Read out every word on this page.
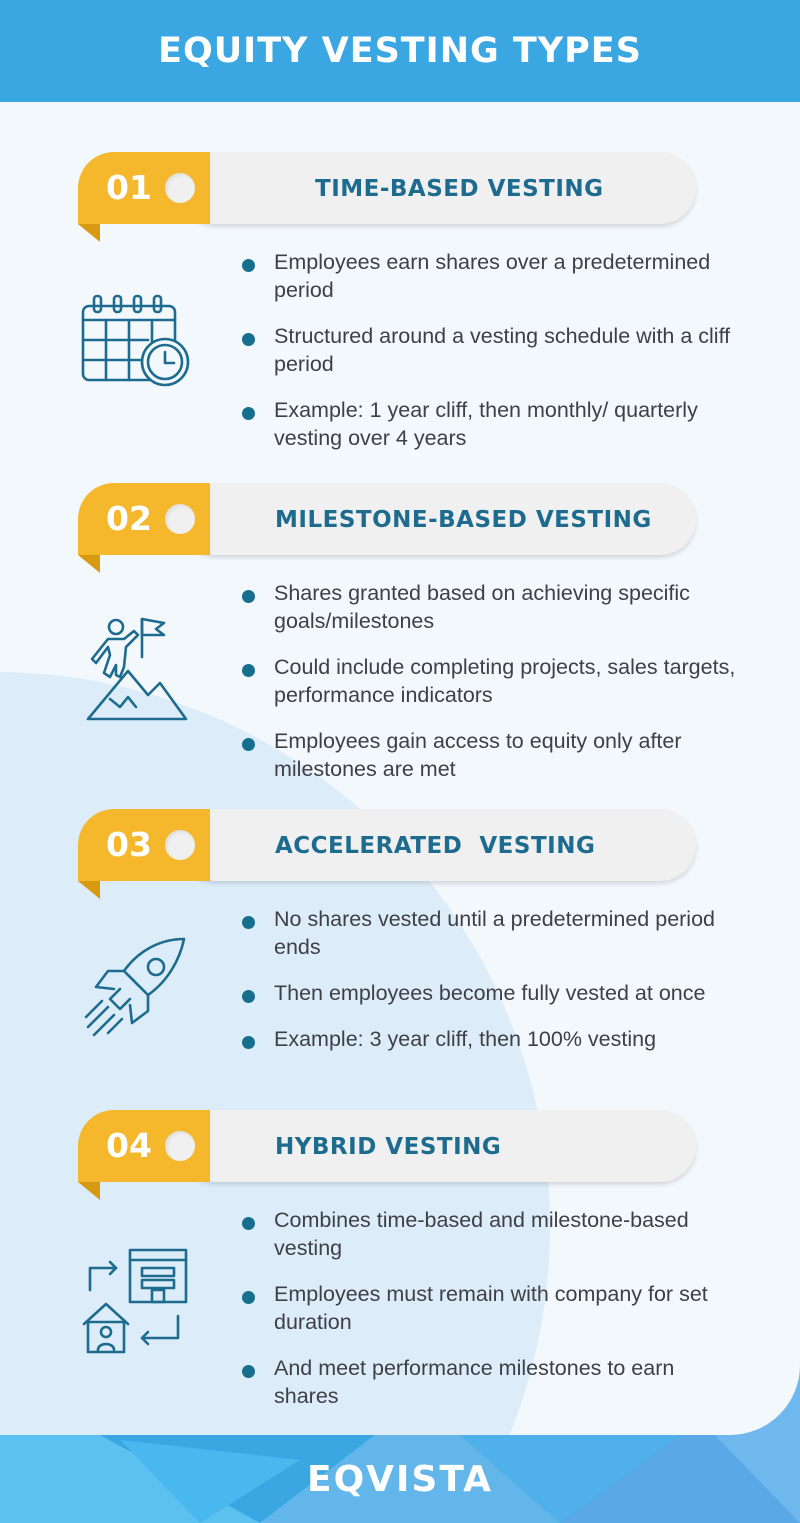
EQUITY VESTING TYPES
01	TIME-BASED VESTING
Employees earn shares over a predetermined period
Structured around a vesting schedule with a cliff period
Example: 1 year cliff, then monthly/ quarterly vesting over 4 years
02	MILESTONE-BASED VESTING
Shares granted based on achieving specific goals/milestones
Could include completing projects, sales targets, performance indicators
Employees gain access to equity only after milestones are met
03	ACCELERATED  VESTING
No shares vested until a predetermined period ends
Then employees become fully vested at once
Example: 3 year cliff, then 100% vesting
04	HYBRID VESTING
Combines time-based and milestone-based vesting
Employees must remain with company for set duration
And meet performance milestones to earn shares
EQVISTA
